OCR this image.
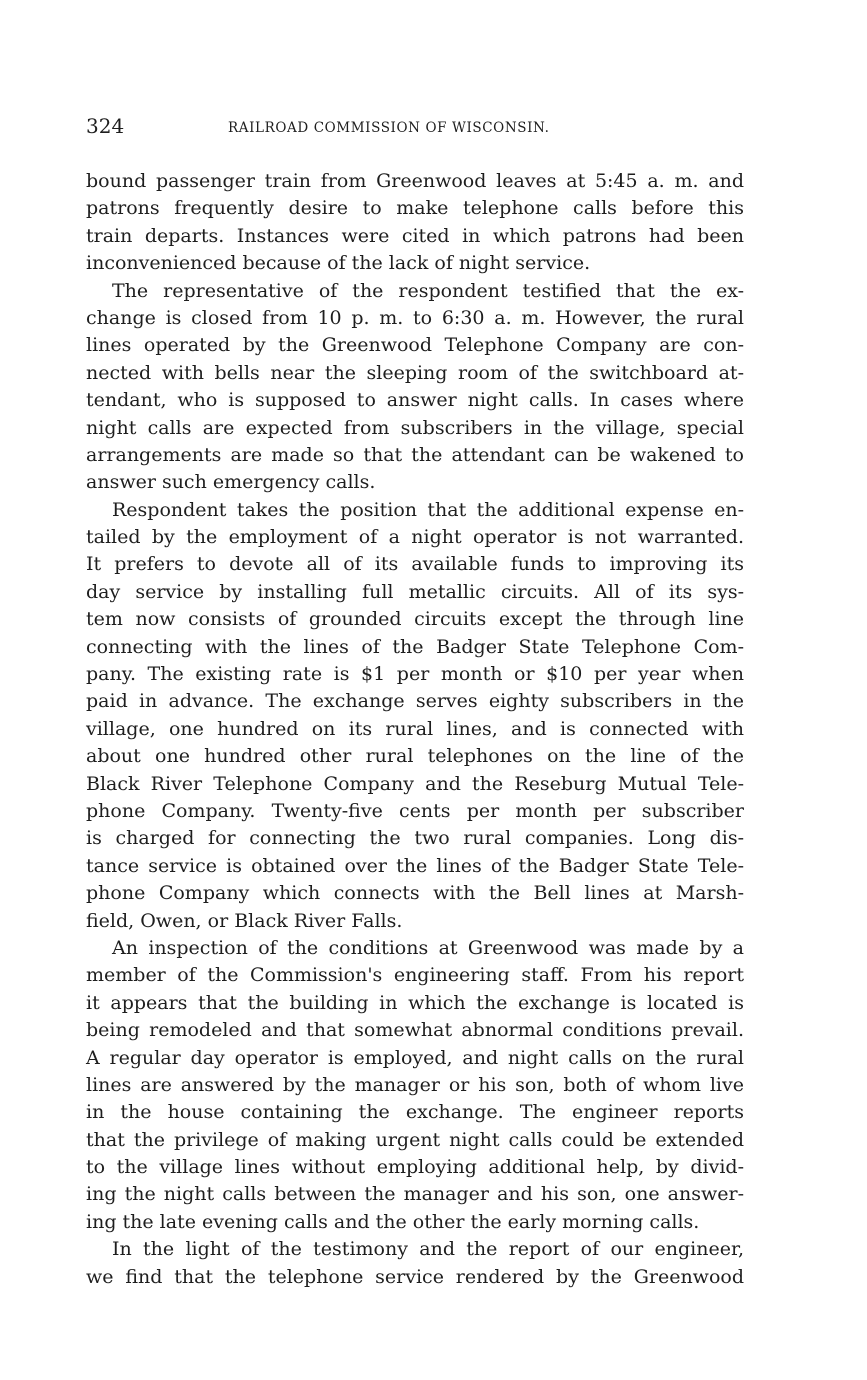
324	RAILROAD COMMISSION OF WISCONSIN.
bound passenger train from Greenwood leaves at 5:45 a. m. and
patrons frequently desire to make telephone calls before this
train departs. Instances were cited in which patrons had been
inconvenienced because of the lack of night service.
The representative of the respondent testified that the ex-
change is closed from 10 p. m. to 6:30 a. m. However, the rural
lines operated by the Greenwood Telephone Company are con-
nected with bells near the sleeping room of the switchboard at-
tendant, who is supposed to answer night calls. In cases where
night calls are expected from subscribers in the village, special
arrangements are made so that the attendant can be wakened to
answer such emergency calls.
Respondent takes the position that the additional expense en-
tailed by the employment of a night operator is not warranted.
It prefers to devote all of its available funds to improving its
day service by installing full metallic circuits. All of its sys-
tem now consists of grounded circuits except the through line
connecting with the lines of the Badger State Telephone Com-
pany. The existing rate is $1 per month or $10 per year when
paid in advance. The exchange serves eighty subscribers in the
village, one hundred on its rural lines, and is connected with
about one hundred other rural telephones on the line of the
Black River Telephone Company and the Reseburg Mutual Tele-
phone Company. Twenty-five cents per month per subscriber
is charged for connecting the two rural companies. Long dis-
tance service is obtained over the lines of the Badger State Tele-
phone Company which connects with the Bell lines at Marsh-
field, Owen, or Black River Falls.
An inspection of the conditions at Greenwood was made by a
member of the Commission's engineering staff. From his report
it appears that the building in which the exchange is located is
being remodeled and that somewhat abnormal conditions prevail.
A regular day operator is employed, and night calls on the rural
lines are answered by the manager or his son, both of whom live
in the house containing the exchange. The engineer reports
that the privilege of making urgent night calls could be extended
to the village lines without employing additional help, by divid-
ing the night calls between the manager and his son, one answer-
ing the late evening calls and the other the early morning calls.
In the light of the testimony and the report of our engineer,
we find that the telephone service rendered by the Greenwood
